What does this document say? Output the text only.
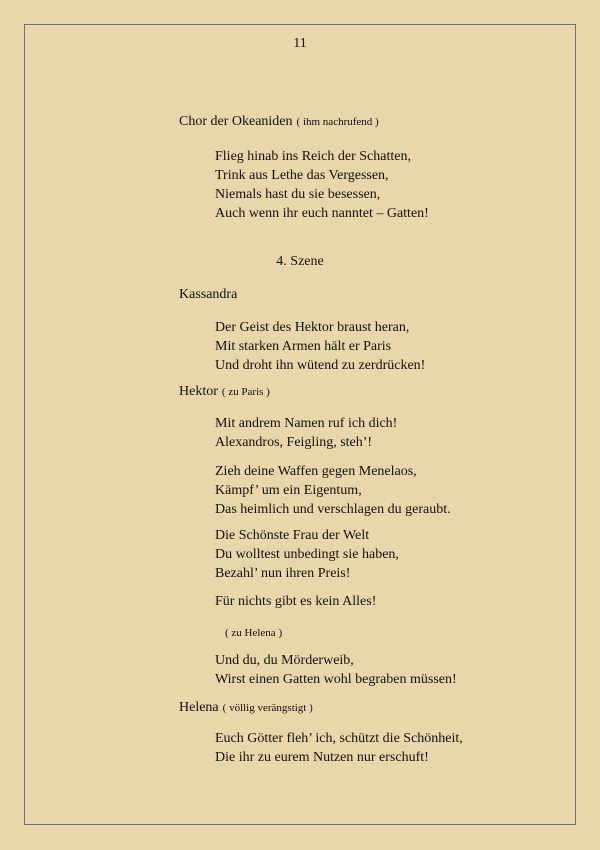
11
Chor der Okeaniden ( ihm nachrufend )
Flieg hinab ins Reich der Schatten,
Trink aus Lethe das Vergessen,
Niemals hast du sie besessen,
Auch wenn ihr euch nanntet – Gatten!
4. Szene
Kassandra
Der Geist des Hektor braust heran,
Mit starken Armen hält er Paris
Und droht ihn wütend zu zerdrücken!
Hektor ( zu Paris )
Mit andrem Namen ruf ich dich!
Alexandros, Feigling, steh’!
Zieh deine Waffen gegen Menelaos,
Kämpf’ um ein Eigentum,
Das heimlich und verschlagen du geraubt.
Die Schönste Frau der Welt
Du wolltest unbedingt sie haben,
Bezahl’ nun ihren Preis!
Für nichts gibt es kein Alles!
( zu Helena )
Und du, du Mörderweib,
Wirst einen Gatten wohl begraben müssen!
Helena ( völlig verängstigt )
Euch Götter fleh’ ich, schützt die Schönheit,
Die ihr zu eurem Nutzen nur erschuft!
